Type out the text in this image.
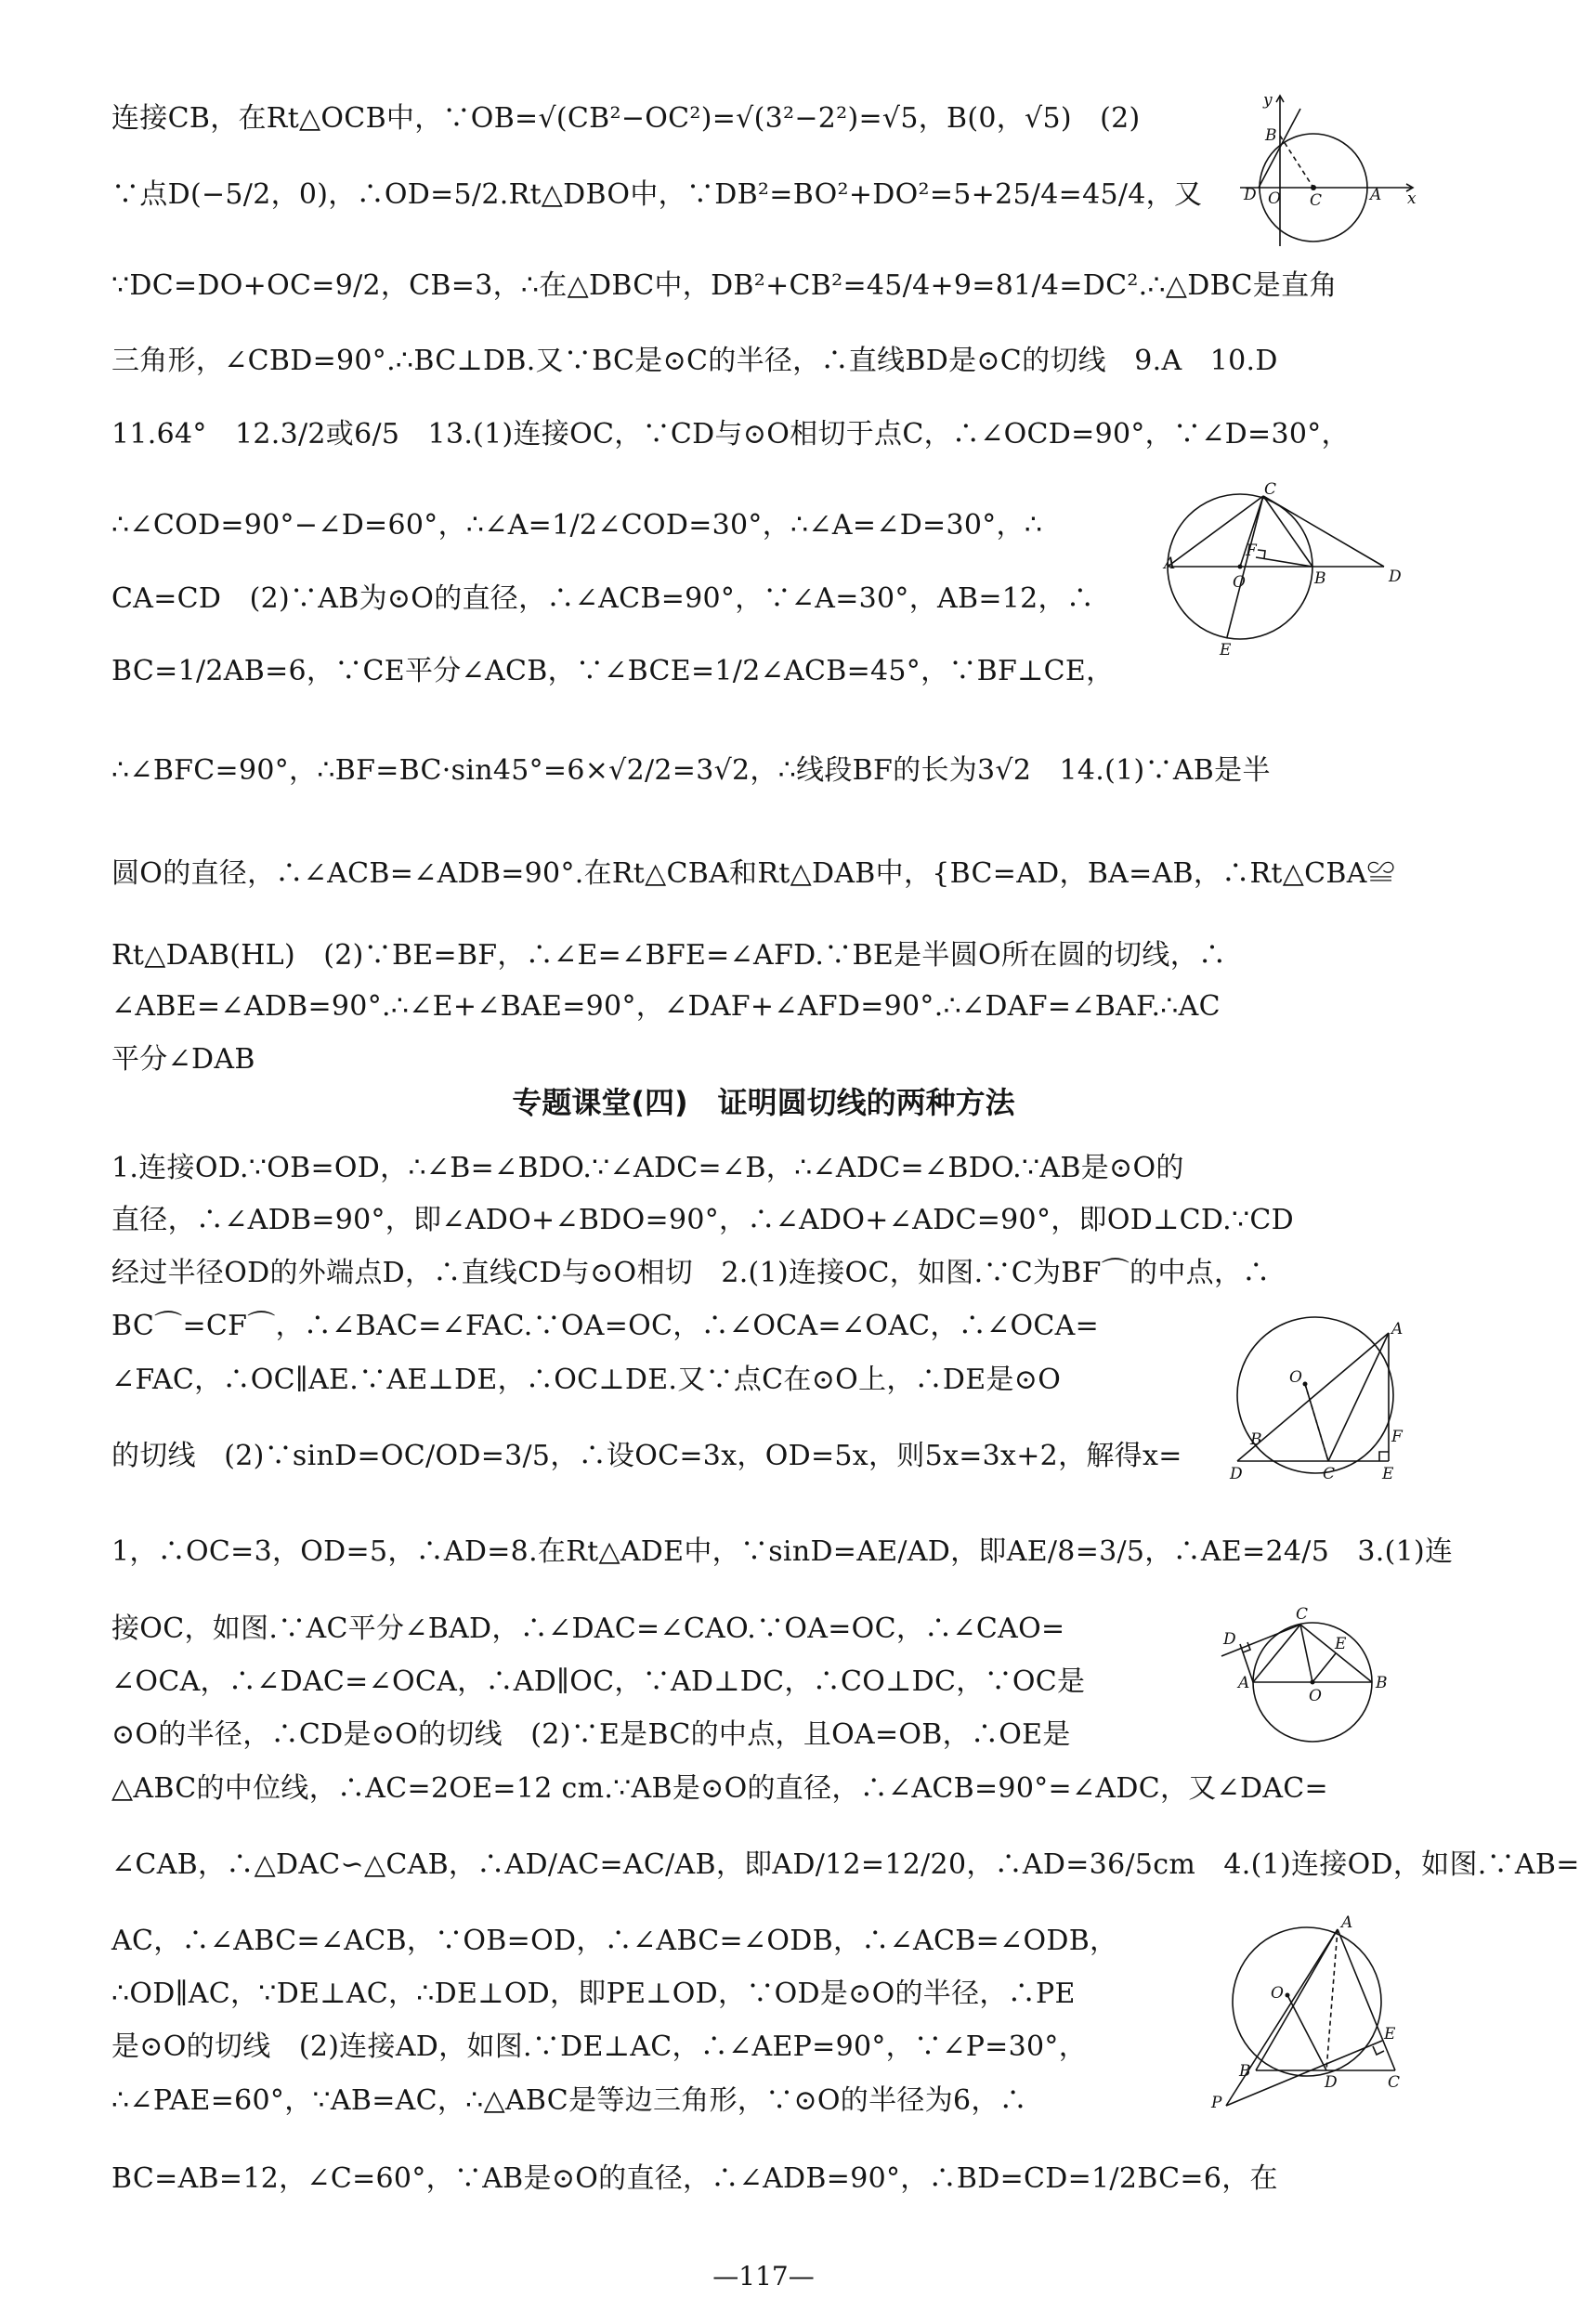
连接CB，在Rt△OCB中，∵OB=√(CB²−OC²)=√(3²−2²)=√5，B(0，√5)　(2)

∵点D(−5/2，0)，∴OD=5/2.Rt△DBO中，∵DB²=BO²+DO²=5+25/4=45/4，又

∵DC=DO+OC=9/2，CB=3，∴在△DBC中，DB²+CB²=45/4+9=81/4=DC².∴△DBC是直角

三角形，∠CBD=90°.∴BC⊥DB.又∵BC是⊙C的半径，∴直线BD是⊙C的切线　9.A　10.D

11.64°　12.3/2或6/5　13.(1)连接OC，∵CD与⊙O相切于点C，∴∠OCD=90°，∵∠D=30°，

∴∠COD=90°−∠D=60°，∴∠A=1/2∠COD=30°，∴∠A=∠D=30°，∴

CA=CD　(2)∵AB为⊙O的直径，∴∠ACB=90°，∵∠A=30°，AB=12，∴

BC=1/2AB=6，∵CE平分∠ACB，∵∠BCE=1/2∠ACB=45°，∵BF⊥CE，

∴∠BFC=90°，∴BF=BC·sin45°=6×√2/2=3√2，∴线段BF的长为3√2　14.(1)∵AB是半

圆O的直径，∴∠ACB=∠ADB=90°.在Rt△CBA和Rt△DAB中，{BC=AD，BA=AB，∴Rt△CBA≌

Rt△DAB(HL)　(2)∵BE=BF，∴∠E=∠BFE=∠AFD.∵BE是半圆O所在圆的切线，∴

∠ABE=∠ADB=90°.∴∠E+∠BAE=90°，∠DAF+∠AFD=90°.∴∠DAF=∠BAF.∴AC

平分∠DAB

专题课堂(四)　证明圆切线的两种方法

1.连接OD.∵OB=OD，∴∠B=∠BDO.∵∠ADC=∠B，∴∠ADC=∠BDO.∵AB是⊙O的

直径，∴∠ADB=90°，即∠ADO+∠BDO=90°，∴∠ADO+∠ADC=90°，即OD⊥CD.∵CD

经过半径OD的外端点D，∴直线CD与⊙O相切　2.(1)连接OC，如图.∵C为BF⌒的中点，∴

BC⌒=CF⌒，∴∠BAC=∠FAC.∵OA=OC，∴∠OCA=∠OAC，∴∠OCA=

∠FAC，∴OC∥AE.∵AE⊥DE，∴OC⊥DE.又∵点C在⊙O上，∴DE是⊙O

的切线　(2)∵sinD=OC/OD=3/5，∴设OC=3x，OD=5x，则5x=3x+2，解得x=

1，∴OC=3，OD=5，∴AD=8.在Rt△ADE中，∵sinD=AE/AD，即AE/8=3/5，∴AE=24/5　3.(1)连

接OC，如图.∵AC平分∠BAD，∴∠DAC=∠CAO.∵OA=OC，∴∠CAO=

∠OCA，∴∠DAC=∠OCA，∴AD∥OC，∵AD⊥DC，∴CO⊥DC，∵OC是

⊙O的半径，∴CD是⊙O的切线　(2)∵E是BC的中点，且OA=OB，∴OE是

△ABC的中位线，∴AC=2OE=12 cm.∵AB是⊙O的直径，∴∠ACB=90°=∠ADC，又∠DAC=

∠CAB，∴△DAC∽△CAB，∴AD/AC=AC/AB，即AD/12=12/20，∴AD=36/5cm　4.(1)连接OD，如图.∵AB=

AC，∴∠ABC=∠ACB，∵OB=OD，∴∠ABC=∠ODB，∴∠ACB=∠ODB，

∴OD∥AC，∵DE⊥AC，∴DE⊥OD，即PE⊥OD，∵OD是⊙O的半径，∴PE

是⊙O的切线　(2)连接AD，如图.∵DE⊥AC，∴∠AEP=90°，∵∠P=30°，

∴∠PAE=60°，∵AB=AC，∴△ABC是等边三角形，∵⊙O的半径为6，∴

BC=AB=12，∠C=60°，∵AB是⊙O的直径，∴∠ADB=90°，∴BD=CD=1/2BC=6，在

—117—
y
B
D O C	A x
C
A
F
O	B	D
E
A
O
B	F
D	C	E
C
D	E
A
O
B
A
O
E
B
D	C
P
